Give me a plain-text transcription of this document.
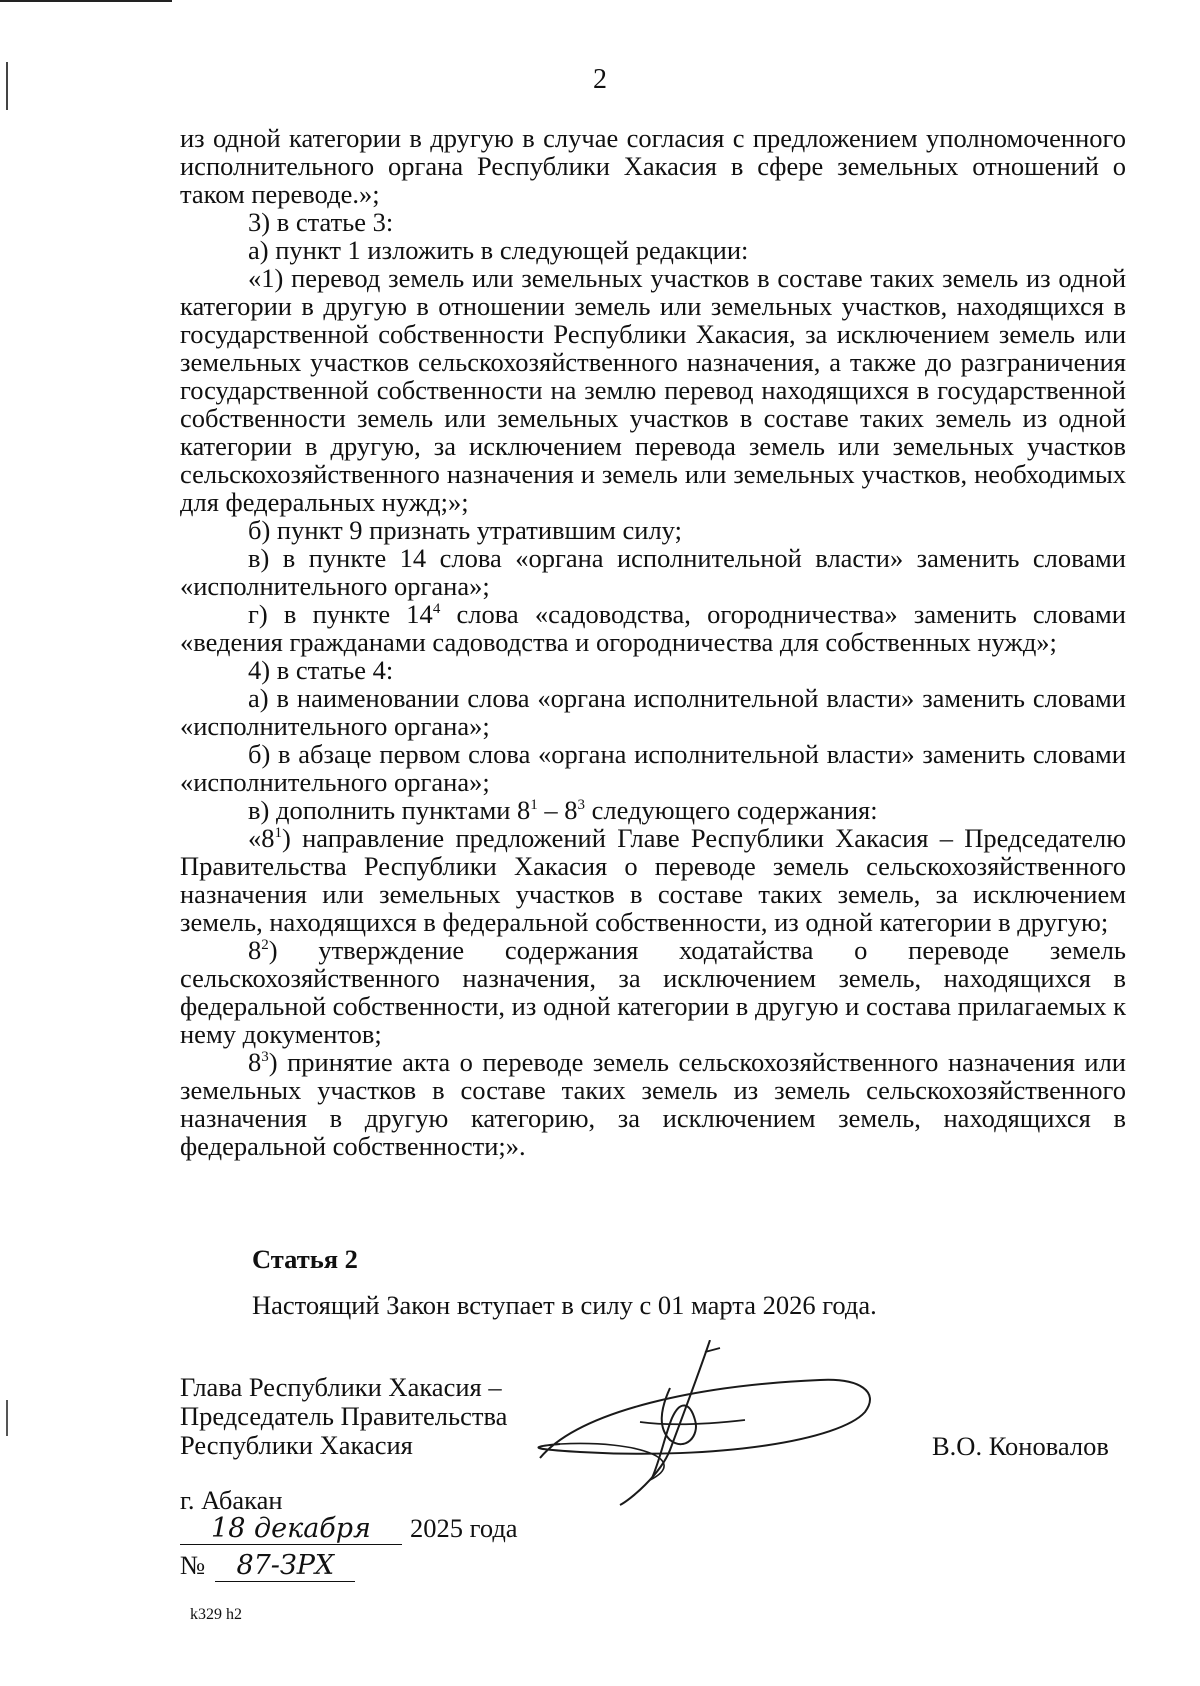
2

из одной категории в другую в случае согласия с предложением уполномоченного исполнительного органа Республики Хакасия в сфере земельных отношений о таком переводе.»;

3) в статье 3:

а) пункт 1 изложить в следующей редакции:

«1) перевод земель или земельных участков в составе таких земель из одной категории в другую в отношении земель или земельных участков, находящихся в государственной собственности Республики Хакасия, за исключением земель или земельных участков сельскохозяйственного назначения, а также до разграничения государственной собственности на землю перевод находящихся в государственной собственности земель или земельных участков в составе таких земель из одной категории в другую, за исключением перевода земель или земельных участков сельскохозяйственного назначения и земель или земельных участков, необходимых для федеральных нужд;»;

б) пункт 9 признать утратившим силу;

в) в пункте 14 слова «органа исполнительной власти» заменить словами «исполнительного органа»;

г) в пункте $14^4$ слова «садоводства, огородничества» заменить словами «ведения гражданами садоводства и огородничества для собственных нужд»;

4) в статье 4:

а) в наименовании слова «органа исполнительной власти» заменить словами «исполнительного органа»;

б) в абзаце первом слова «органа исполнительной власти» заменить словами «исполнительного органа»;

в) дополнить пунктами $8^1 - 8^3$ следующего содержания:

«$8^1$) направление предложений Главе Республики Хакасия – Председателю Правительства Республики Хакасия о переводе земель сельскохозяйственного назначения или земельных участков в составе таких земель, за исключением земель, находящихся в федеральной собственности, из одной категории в другую;

$8^2$) утверждение содержания ходатайства о переводе земель сельскохозяйственного назначения, за исключением земель, находящихся в федеральной собственности, из одной категории в другую и состава прилагаемых к нему документов;

$8^3$) принятие акта о переводе земель сельскохозяйственного назначения или земельных участков в составе таких земель из земель сельскохозяйственного назначения в другую категорию, за исключением земель, находящихся в федеральной собственности;».

Статья 2
Настоящий Закон вступает в силу с 01 марта 2026 года.
Глава Республики Хакасия –
Председатель Правительства
Республики Хакасия	В.О. Коновалов
г. Абакан
18 декабря 2025 года
№ 87-ЗРХ
k329 h2
